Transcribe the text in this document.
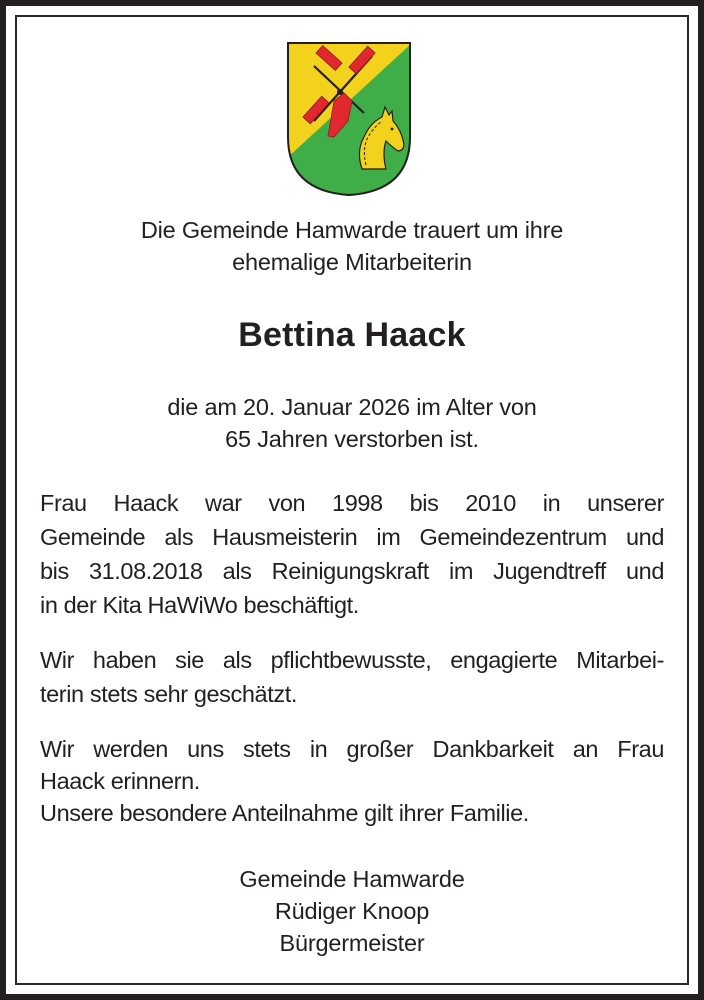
Die Gemeinde Hamwarde trauert um ihre
ehemalige Mitarbeiterin
Bettina Haack
die am 20. Januar 2026 im Alter von
65 Jahren verstorben ist.
Frau Haack war von 1998 bis 2010 in unserer
Gemeinde als Hausmeisterin im Gemeindezentrum und
bis 31.08.2018 als Reinigungskraft im Jugendtreff und
in der Kita HaWiWo beschäftigt.
Wir haben sie als pflichtbewusste, engagierte Mitarbei-
terin stets sehr geschätzt.
Wir werden uns stets in großer Dankbarkeit an Frau
Haack erinnern.
Unsere besondere Anteilnahme gilt ihrer Familie.
Gemeinde Hamwarde
Rüdiger Knoop
Bürgermeister
